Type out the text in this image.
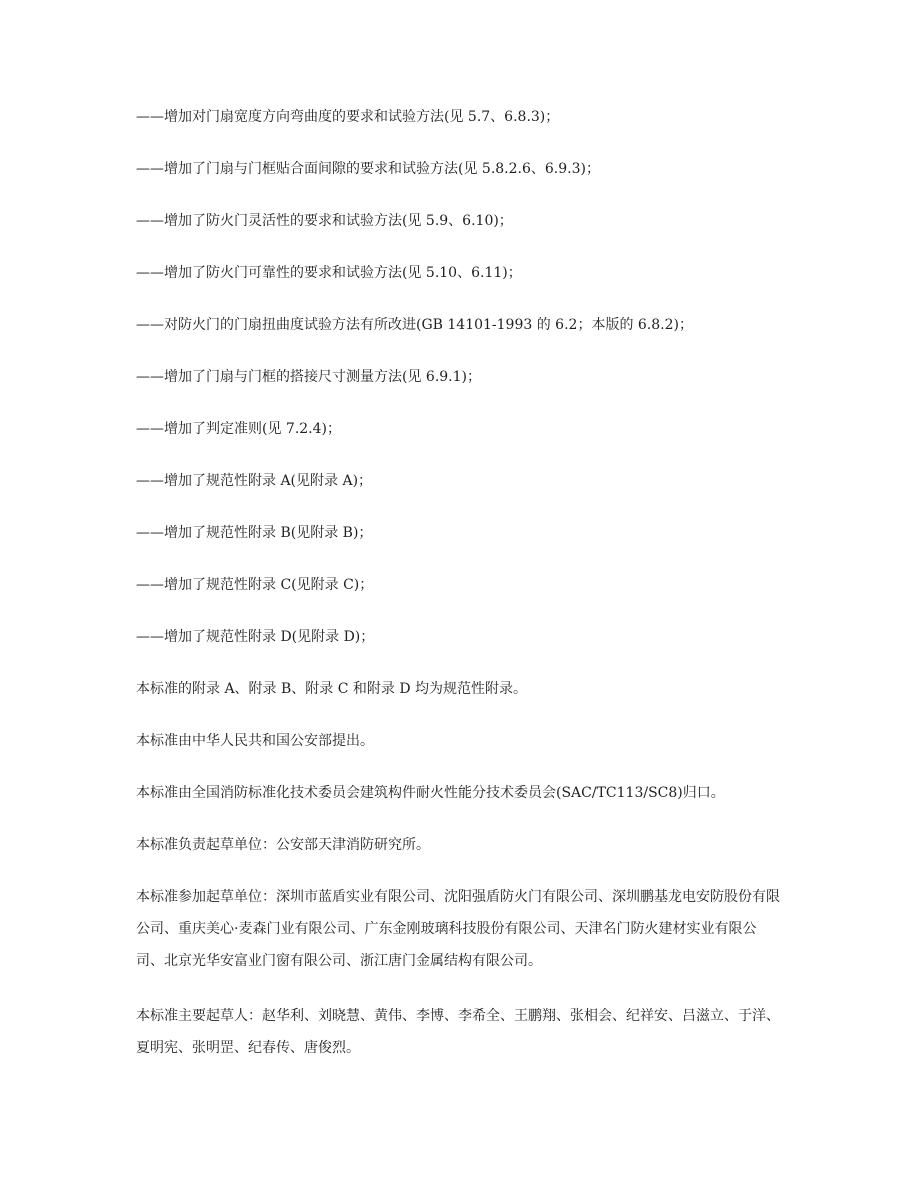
——增加对门扇宽度方向弯曲度的要求和试验方法(见 5.7、6.8.3)；

——增加了门扇与门框贴合面间隙的要求和试验方法(见 5.8.2.6、6.9.3)；

——增加了防火门灵活性的要求和试验方法(见 5.9、6.10)；

——增加了防火门可靠性的要求和试验方法(见 5.10、6.11)；

——对防火门的门扇扭曲度试验方法有所改进(GB 14101-1993 的 6.2；本版的 6.8.2)；

——增加了门扇与门框的搭接尺寸测量方法(见 6.9.1)；

——增加了判定准则(见 7.2.4)；

——增加了规范性附录 A(见附录 A)；

——增加了规范性附录 B(见附录 B)；

——增加了规范性附录 C(见附录 C)；

——增加了规范性附录 D(见附录 D)；

本标准的附录 A、附录 B、附录 C 和附录 D 均为规范性附录。

本标准由中华人民共和国公安部提出。

本标准由全国消防标准化技术委员会建筑构件耐火性能分技术委员会(SAC/TC113/SC8)归口。

本标准负责起草单位：公安部天津消防研究所。

本标准参加起草单位：深圳市蓝盾实业有限公司、沈阳强盾防火门有限公司、深圳鹏基龙电安防股份有限公司、重庆美心·麦森门业有限公司、广东金刚玻璃科技股份有限公司、天津名门防火建材实业有限公司、北京光华安富业门窗有限公司、浙江唐门金属结构有限公司。

本标准主要起草人：赵华利、刘晓慧、黄伟、李博、李希全、王鹏翔、张相会、纪祥安、吕滋立、于洋、夏明宪、张明罡、纪春传、唐俊烈。
